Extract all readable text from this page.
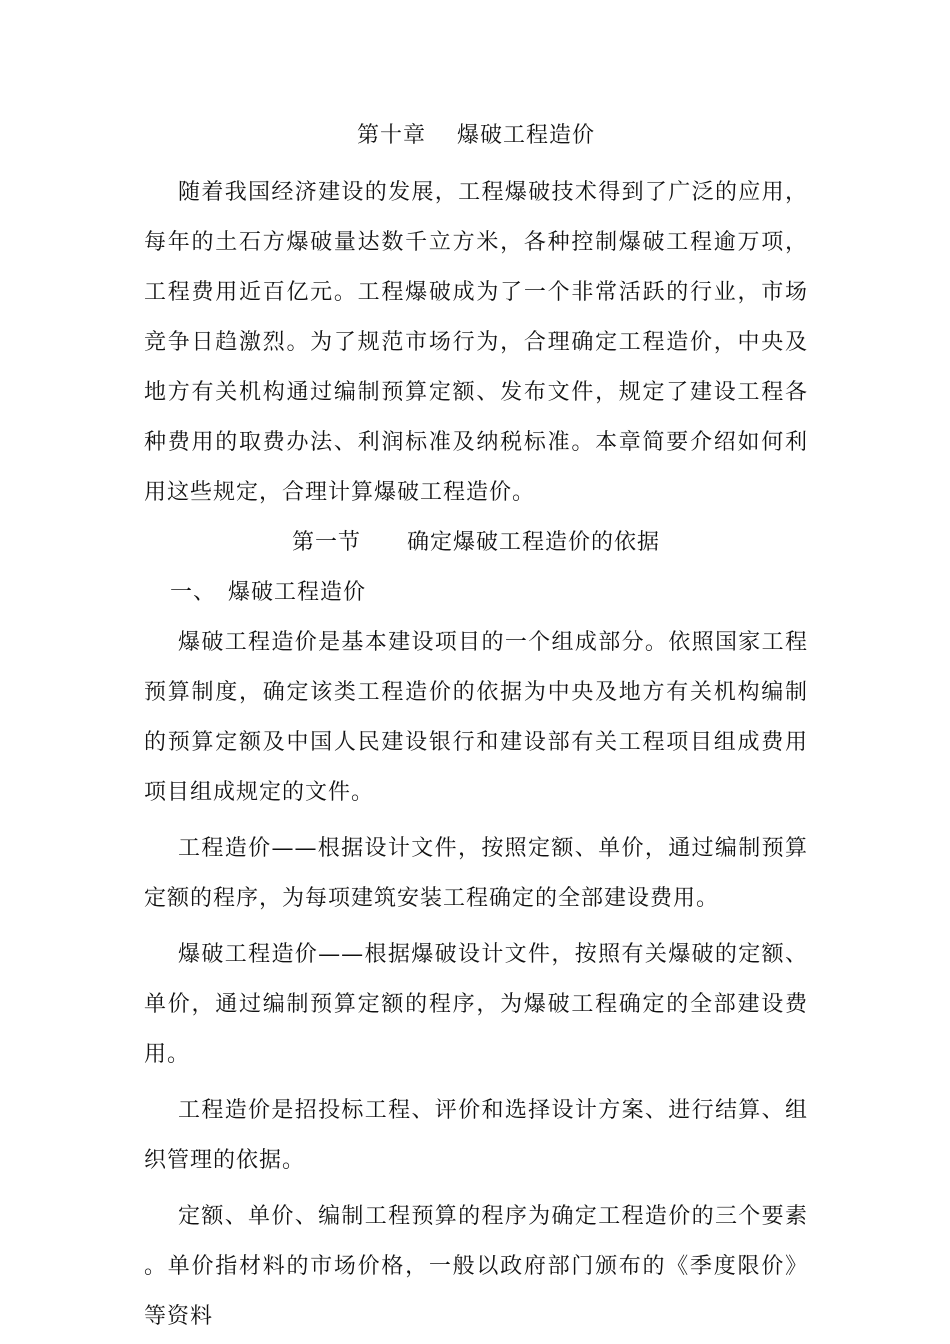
第十章　 爆破工程造价

随着我国经济建设的发展，工程爆破技术得到了广泛的应用，每年的土石方爆破量达数千立方米，各种控制爆破工程逾万项，工程费用近百亿元。工程爆破成为了一个非常活跃的行业，市场竞争日趋激烈。为了规范市场行为，合理确定工程造价，中央及地方有关机构通过编制预算定额、发布文件，规定了建设工程各种费用的取费办法、利润标准及纳税标准。本章简要介绍如何利用这些规定，合理计算爆破工程造价。

第一节　　确定爆破工程造价的依据
一、　爆破工程造价

爆破工程造价是基本建设项目的一个组成部分。依照国家工程预算制度，确定该类工程造价的依据为中央及地方有关机构编制的预算定额及中国人民建设银行和建设部有关工程项目组成费用项目组成规定的文件。

工程造价——根据设计文件，按照定额、单价，通过编制预算定额的程序，为每项建筑安装工程确定的全部建设费用。

爆破工程造价——根据爆破设计文件，按照有关爆破的定额、单价，通过编制预算定额的程序，为爆破工程确定的全部建设费用。

工程造价是招投标工程、评价和选择设计方案、进行结算、组织管理的依据。

定额、单价、编制工程预算的程序为确定工程造价的三个要素。单价指材料的市场价格，一般以政府部门颁布的《季度限价》等资料
